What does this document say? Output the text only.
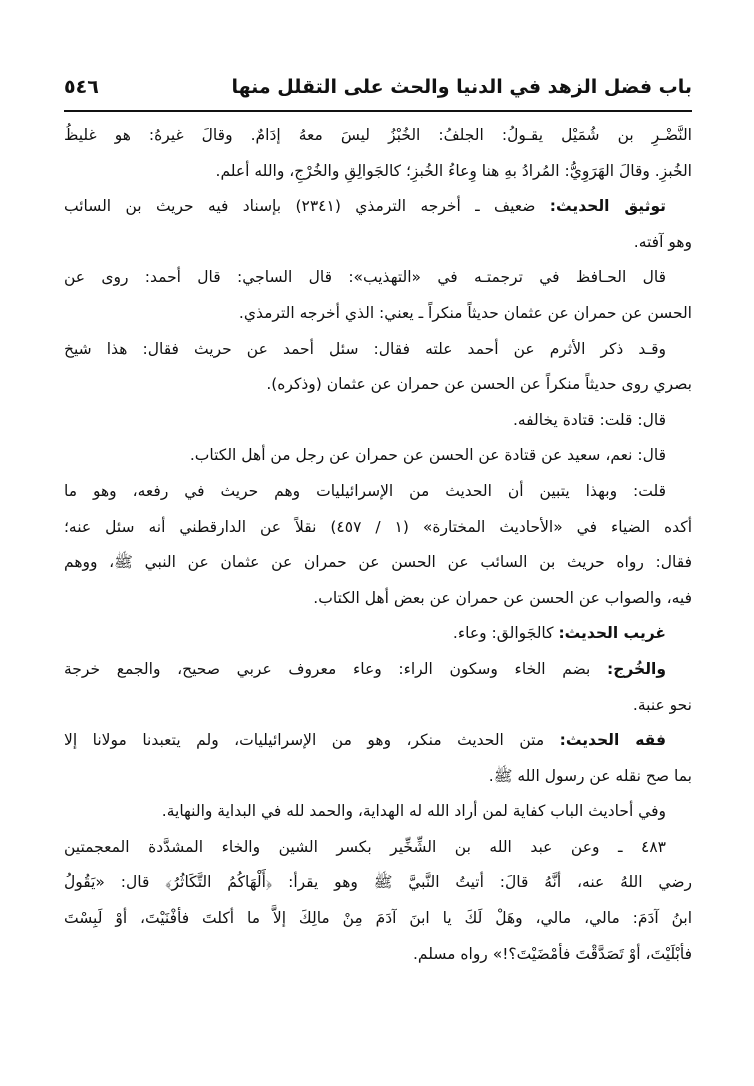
باب فضل الزهد في الدنيا والحث على التقلل منها
٥٤٦
النَّضْـرِ بن شُمَيْل يقـولُ: الجلفُ: الخُبْزُ ليسَ معهُ إدَامٌ. وقالَ غيرهُ: هو غليظُ
الخُبزِ. وقالَ الهَرَوِيُّ: المُرادُ بهِ هنا وِعاءُ الخُبزِ؛ كالجَوالِقِ والخُرْجِ، والله أعلم.
توثيق الحديث: ضعيف ـ أخرجه الترمذي (٢٣٤١) بإسناد فيه حريث بن السائب
وهو آفته.
قال الحـافظ في ترجمتـه في «التهذيب»: قال الساجي: قال أحمد: روى عن
الحسن عن حمران عن عثمان حديثاً منكراً ـ يعني: الذي أخرجه الترمذي.
وقـد ذكر الأثرم عن أحمد علته فقال: سئل أحمد عن حريث فقال: هذا شيخ
بصري روى حديثاً منكراً عن الحسن عن حمران عن عثمان (وذكره).
قال: قلت: قتادة يخالفه.
قال: نعم، سعيد عن قتادة عن الحسن عن حمران عن رجل من أهل الكتاب.
قلت: وبهذا يتبين أن الحديث من الإسرائيليات وهم حريث في رفعه، وهو ما
أكده الضياء في «الأحاديث المختارة» (١ / ٤٥٧) نقلاً عن الدارقطني أنه سئل عنه؛
فقال: رواه حريث بن السائب عن الحسن عن حمران عن عثمان عن النبي ﷺ، ووهم
فيه، والصواب عن الحسن عن حمران عن بعض أهل الكتاب.
غريب الحديث: كالجَوالق: وعاء.
والخُرج: بضم الخاء وسكون الراء: وعاء معروف عربي صحيح، والجمع خرجة
نحو عنبة.
فقه الحديث: متن الحديث منكر، وهو من الإسرائيليات، ولم يتعبدنا مولانا إلا
بما صح نقله عن رسول الله ﷺ.
وفي أحاديث الباب كفاية لمن أراد الله له الهداية، والحمد لله في البداية والنهاية.
٤٨٣ ـ وعن عبد الله بن الشِّخِّير بكسر الشين والخاء المشدَّدة المعجمتين
رضي اللهُ عنه، أنَّهُ قالَ: أتيتُ النَّبيَّ ﷺ وهو يقرأ: ﴿أَلْهَاكُمُ التَّكَاثُرُ﴾ قال: «يَقُولُ
ابنُ آدَمَ: مالي، مالي، وهَلْ لَكَ يا ابنَ آدَمَ مِنْ مالِكَ إلاَّ ما أكلتَ فأفْنَيْتَ، أوْ لَبِسْتَ
فأبْلَيْتَ، أوْ تَصَدَّقْتَ فأمْضَيْتَ؟!» رواه مسلم.
